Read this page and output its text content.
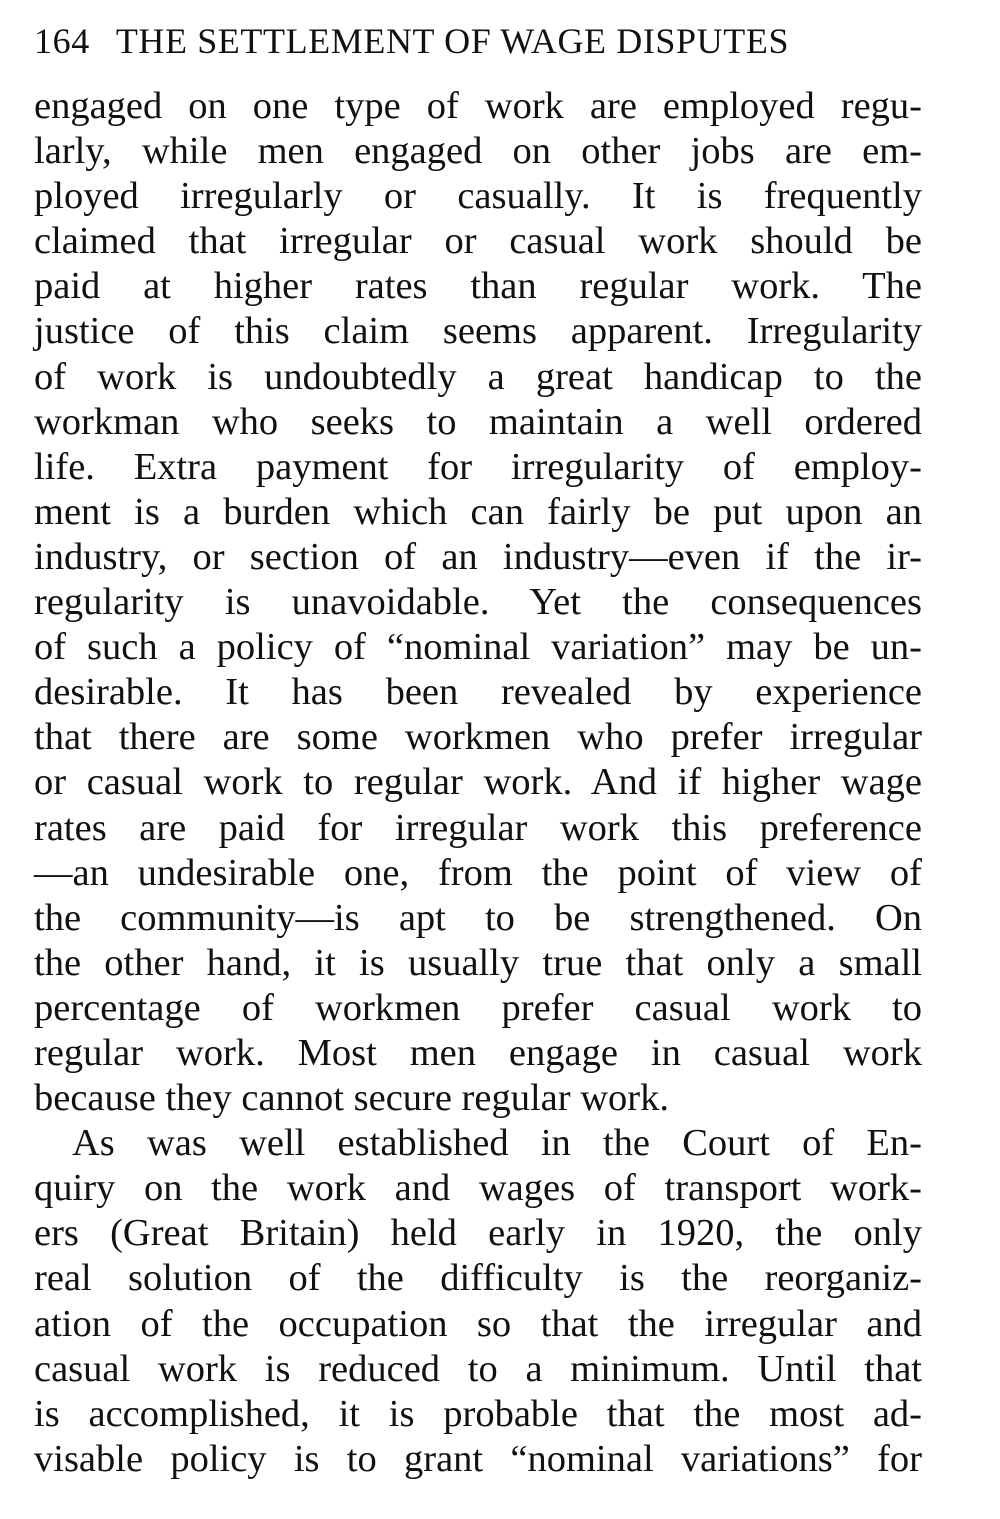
164 THE SETTLEMENT OF WAGE DISPUTES
engaged on one type of work are employed regu-
larly, while men engaged on other jobs are em-
ployed irregularly or casually. It is frequently
claimed that irregular or casual work should be
paid at higher rates than regular work. The
justice of this claim seems apparent. Irregularity
of work is undoubtedly a great handicap to the
workman who seeks to maintain a well ordered
life. Extra payment for irregularity of employ-
ment is a burden which can fairly be put upon an
industry, or section of an industry—even if the ir-
regularity is unavoidable. Yet the consequences
of such a policy of “nominal variation” may be un-
desirable. It has been revealed by experience
that there are some workmen who prefer irregular
or casual work to regular work. And if higher wage
rates are paid for irregular work this preference
—an undesirable one, from the point of view of
the community—is apt to be strengthened. On
the other hand, it is usually true that only a small
percentage of workmen prefer casual work to
regular work. Most men engage in casual work
because they cannot secure regular work.
As was well established in the Court of En-
quiry on the work and wages of transport work-
ers (Great Britain) held early in 1920, the only
real solution of the difficulty is the reorganiz-
ation of the occupation so that the irregular and
casual work is reduced to a minimum. Until that
is accomplished, it is probable that the most ad-
visable policy is to grant “nominal variations” for
